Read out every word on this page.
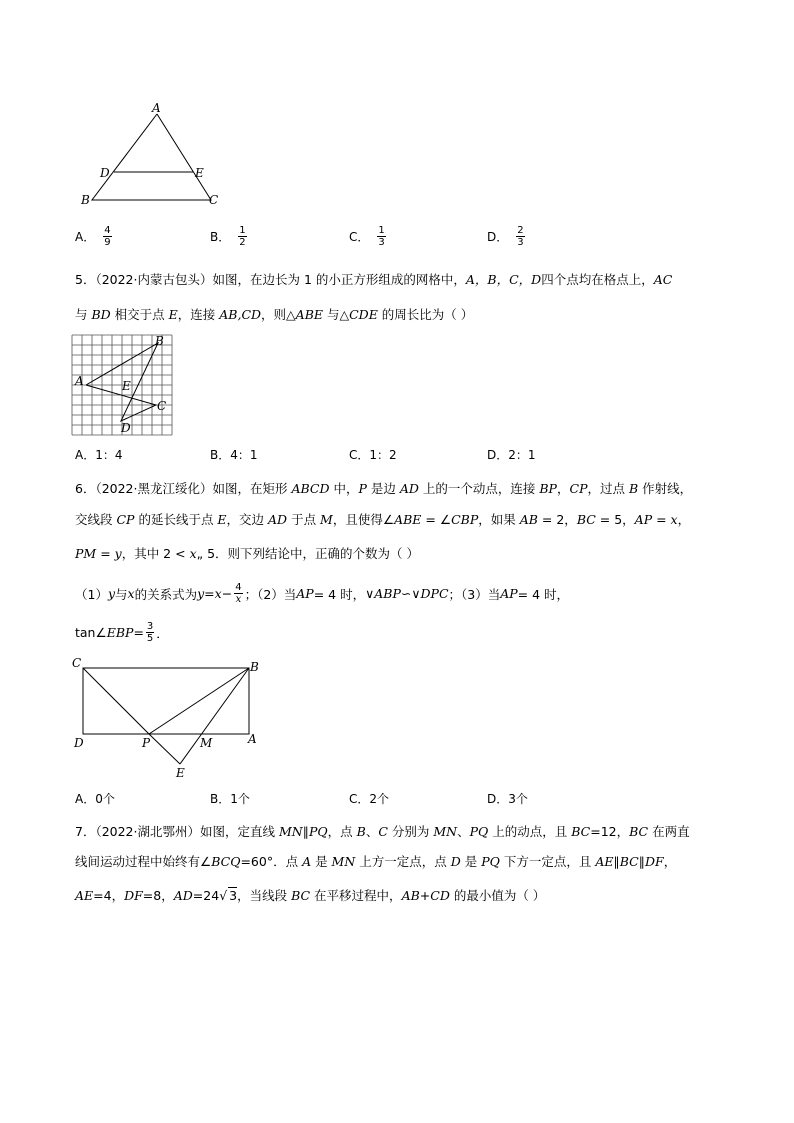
A
D	E
B	C
A． $\frac{4}{9}$	B． $\frac{1}{2}$	C． $\frac{1}{3}$	D． $\frac{2}{3}$
5．（2022·内蒙古包头）如图，在边长为 1 的小正方形组成的网格中，A，B，C，D四个点均在格点上，AC
与 BD 相交于点 E，连接 AB,CD，则△ABE 与△CDE 的周长比为（ ）
B
A	E
C
D
A．1：4	B．4：1	C．1：2	D．2：1
6．（2022·黑龙江绥化）如图，在矩形 ABCD 中，P 是边 AD 上的一个动点，连接 BP，CP，过点 B 作射线，
交线段 CP 的延长线于点 E，交边 AD 于点 M，且使得∠ABE = ∠CBP，如果 AB = 2，BC = 5，AP = x，
PM = y，其中 2 < x„ 5．则下列结论中，正确的个数为（ ）
（1） y 与 x 的关系式为 $y = x - \frac{4}{x}$ ；（2）当 AP = 4 时， ∨ABP∽∨DPC ；（3）当 AP = 4 时，
tan∠ EBP = $\frac{3}{5}$ ．
C	B
D	P	M	A
E
A．0个	B．1个	C．2个	D．3个
7．（2022·湖北鄂州）如图，定直线 MN∥PQ，点 B、C 分别为 MN、PQ 上的动点，且 BC=12，BC 在两直
线间运动过程中始终有∠BCQ=60°．点 A 是 MN 上方一定点，点 D 是 PQ 下方一定点，且 AE∥BC∥DF，
AE=4，DF=8，AD=24√ 3，当线段 BC 在平移过程中，AB+CD 的最小值为（ ）
